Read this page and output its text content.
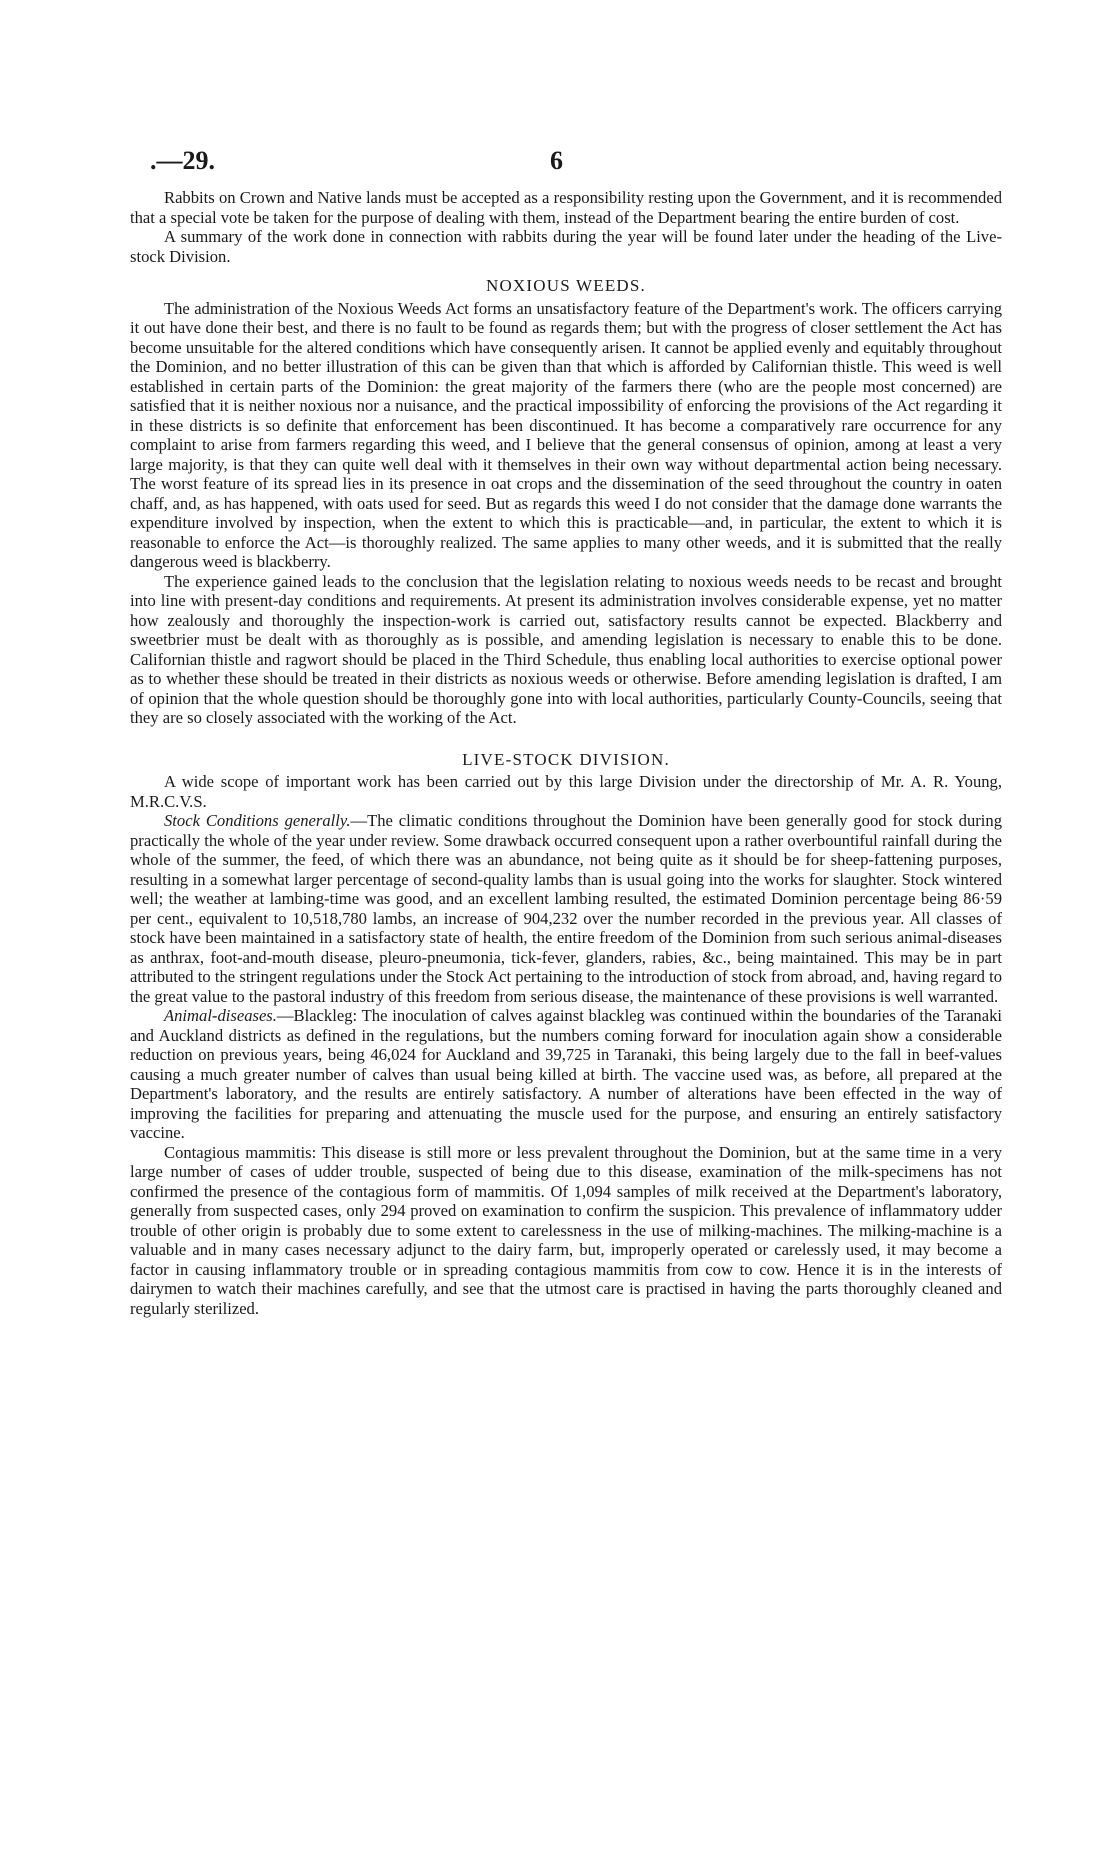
.—29.	6

Rabbits on Crown and Native lands must be accepted as a responsibility resting upon the Government, and it is recommended that a special vote be taken for the purpose of dealing with them, instead of the Department bearing the entire burden of cost.

A summary of the work done in connection with rabbits during the year will be found later under the heading of the Live-stock Division.

NOXIOUS WEEDS.

The administration of the Noxious Weeds Act forms an unsatisfactory feature of the Department's work. The officers carrying it out have done their best, and there is no fault to be found as regards them; but with the progress of closer settlement the Act has become unsuitable for the altered conditions which have consequently arisen. It cannot be applied evenly and equitably throughout the Dominion, and no better illustration of this can be given than that which is afforded by Californian thistle. This weed is well established in certain parts of the Dominion: the great majority of the farmers there (who are the people most concerned) are satisfied that it is neither noxious nor a nuisance, and the practical impossibility of enforcing the provisions of the Act regarding it in these districts is so definite that enforcement has been discontinued. It has become a comparatively rare occurrence for any complaint to arise from farmers regarding this weed, and I believe that the general consensus of opinion, among at least a very large majority, is that they can quite well deal with it themselves in their own way without departmental action being necessary. The worst feature of its spread lies in its presence in oat crops and the dissemination of the seed throughout the country in oaten chaff, and, as has happened, with oats used for seed. But as regards this weed I do not consider that the damage done warrants the expenditure involved by inspection, when the extent to which this is practicable—and, in particular, the extent to which it is reasonable to enforce the Act—is thoroughly realized. The same applies to many other weeds, and it is submitted that the really dangerous weed is blackberry.

The experience gained leads to the conclusion that the legislation relating to noxious weeds needs to be recast and brought into line with present-day conditions and requirements. At present its administration involves considerable expense, yet no matter how zealously and thoroughly the inspection-work is carried out, satisfactory results cannot be expected. Blackberry and sweetbrier must be dealt with as thoroughly as is possible, and amending legislation is necessary to enable this to be done. Californian thistle and ragwort should be placed in the Third Schedule, thus enabling local authorities to exercise optional power as to whether these should be treated in their districts as noxious weeds or otherwise. Before amending legislation is drafted, I am of opinion that the whole question should be thoroughly gone into with local authorities, particularly County-Councils, seeing that they are so closely associated with the working of the Act.

LIVE-STOCK DIVISION.

A wide scope of important work has been carried out by this large Division under the directorship of Mr. A. R. Young, M.R.C.V.S.

Stock Conditions generally.—The climatic conditions throughout the Dominion have been generally good for stock during practically the whole of the year under review. Some drawback occurred consequent upon a rather overbountiful rainfall during the whole of the summer, the feed, of which there was an abundance, not being quite as it should be for sheep-fattening purposes, resulting in a somewhat larger percentage of second-quality lambs than is usual going into the works for slaughter. Stock wintered well; the weather at lambing-time was good, and an excellent lambing resulted, the estimated Dominion percentage being 86·59 per cent., equivalent to 10,518,780 lambs, an increase of 904,232 over the number recorded in the previous year. All classes of stock have been maintained in a satisfactory state of health, the entire freedom of the Dominion from such serious animal-diseases as anthrax, foot-and-mouth disease, pleuro-pneumonia, tick-fever, glanders, rabies, &c., being maintained. This may be in part attributed to the stringent regulations under the Stock Act pertaining to the introduction of stock from abroad, and, having regard to the great value to the pastoral industry of this freedom from serious disease, the maintenance of these provisions is well warranted.

Animal-diseases.—Blackleg: The inoculation of calves against blackleg was continued within the boundaries of the Taranaki and Auckland districts as defined in the regulations, but the numbers coming forward for inoculation again show a considerable reduction on previous years, being 46,024 for Auckland and 39,725 in Taranaki, this being largely due to the fall in beef-values causing a much greater number of calves than usual being killed at birth. The vaccine used was, as before, all prepared at the Department's laboratory, and the results are entirely satisfactory. A number of alterations have been effected in the way of improving the facilities for preparing and attenuating the muscle used for the purpose, and ensuring an entirely satisfactory vaccine.

Contagious mammitis: This disease is still more or less prevalent throughout the Dominion, but at the same time in a very large number of cases of udder trouble, suspected of being due to this disease, examination of the milk-specimens has not confirmed the presence of the contagious form of mammitis. Of 1,094 samples of milk received at the Department's laboratory, generally from suspected cases, only 294 proved on examination to confirm the suspicion. This prevalence of inflammatory udder trouble of other origin is probably due to some extent to carelessness in the use of milking-machines. The milking-machine is a valuable and in many cases necessary adjunct to the dairy farm, but, improperly operated or carelessly used, it may become a factor in causing inflammatory trouble or in spreading contagious mammitis from cow to cow. Hence it is in the interests of dairymen to watch their machines carefully, and see that the utmost care is practised in having the parts thoroughly cleaned and regularly sterilized.
